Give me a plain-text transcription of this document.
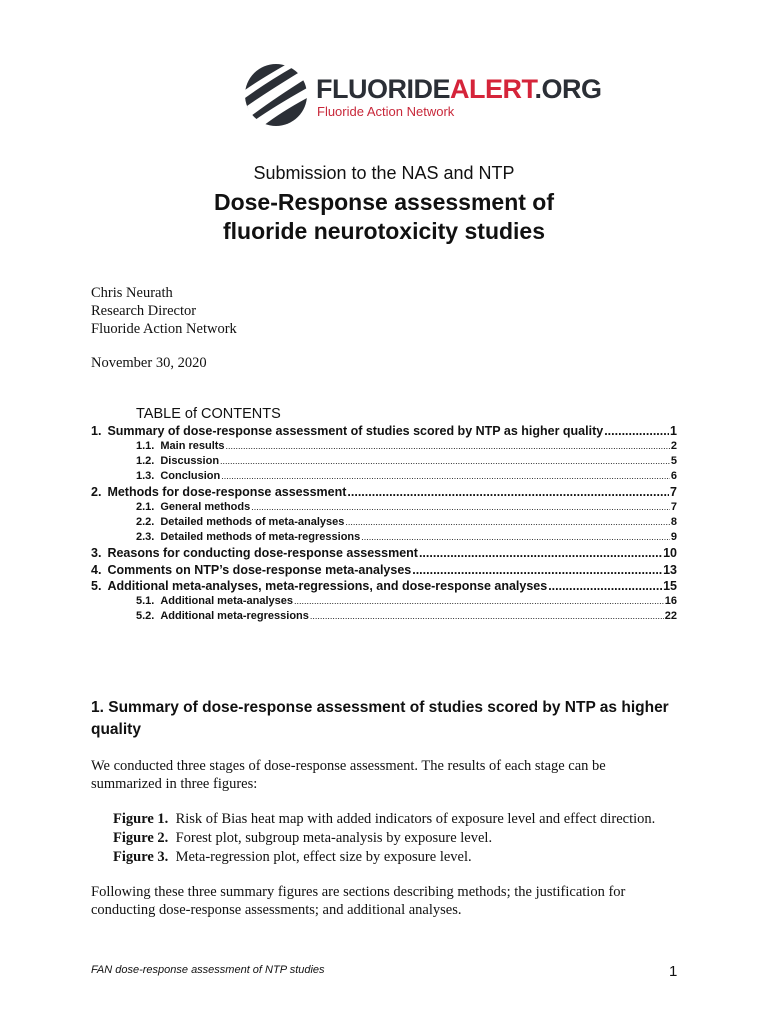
FLUORIDEALERT.ORG
Fluoride Action Network
Submission to the NAS and NTP
Dose-Response assessment of
fluoride neurotoxicity studies
Chris Neurath
Research Director
Fluoride Action Network
November 30, 2020
TABLE of CONTENTS
1. Summary of dose-response assessment of studies scored by NTP as higher quality .....	1
1.1. Main results .....	2
1.2. Discussion .....	5
1.3. Conclusion .....	6
2. Methods for dose-response assessment .....	7
2.1. General methods .....	7
2.2. Detailed methods of meta-analyses .....	8
2.3. Detailed methods of meta-regressions .....	9
3. Reasons for conducting dose-response assessment .....	10
4. Comments on NTP’s dose-response meta-analyses .....	13
5. Additional meta-analyses, meta-regressions, and dose-response analyses .....	15
5.1. Additional meta-analyses .....	16
5.2. Additional meta-regressions .....	22
1. Summary of dose-response assessment of studies scored by NTP as higher quality
We conducted three stages of dose-response assessment. The results of each stage can be summarized in three figures:
Figure 1. Risk of Bias heat map with added indicators of exposure level and effect direction.
Figure 2. Forest plot, subgroup meta-analysis by exposure level.
Figure 3. Meta-regression plot, effect size by exposure level.
Following these three summary figures are sections describing methods; the justification for conducting dose-response assessments; and additional analyses.
FAN dose-response assessment of NTP studies	1
